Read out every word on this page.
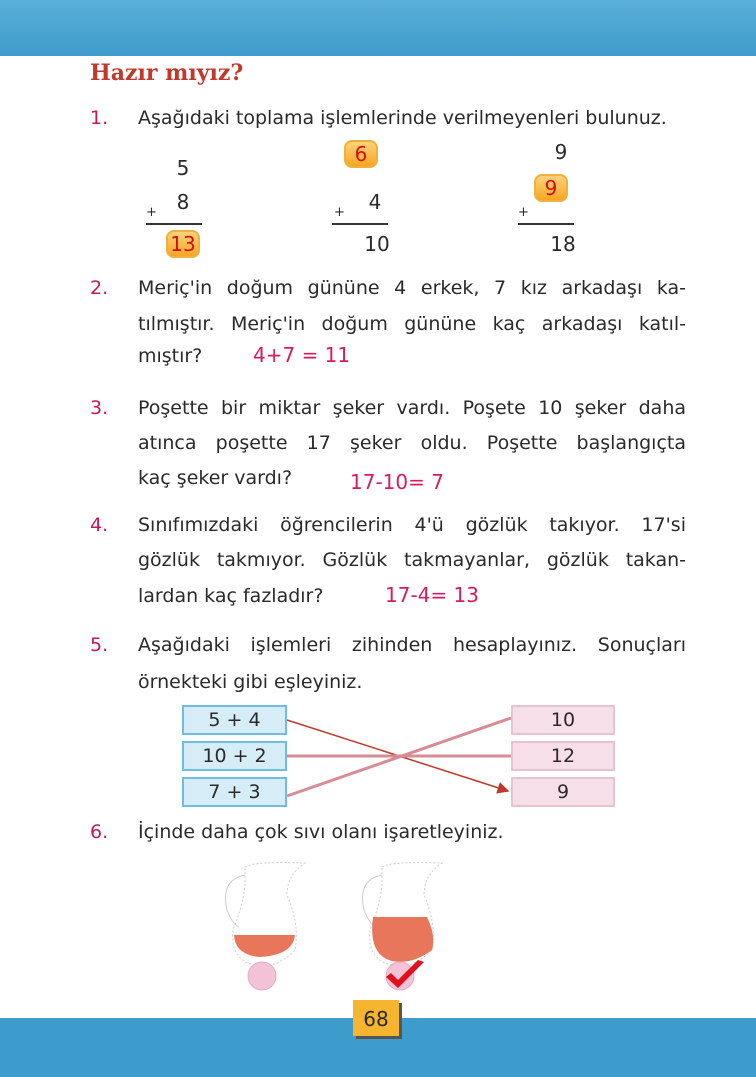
Hazır mıyız?
1. Aşağıdaki toplama işlemlerinde verilmeyenleri bulunuz.
5
8
+
13
6
4
+
10
9
9
+
18
2. Meriç'in doğum gününe 4 erkek, 7 kız arkadaşı ka-
tılmıştır. Meriç'in doğum gününe kaç arkadaşı katıl-
mıştır?	4+7 = 11
3. Poşette bir miktar şeker vardı. Poşete 10 şeker daha
atınca poşette 17 şeker oldu. Poşette başlangıçta
kaç şeker vardı?	17-10= 7
4. Sınıfımızdaki öğrencilerin 4'ü gözlük takıyor. 17'si
gözlük takmıyor. Gözlük takmayanlar, gözlük takan-
lardan kaç fazladır?	17-4= 13
5. Aşağıdaki işlemleri zihinden hesaplayınız. Sonuçları
örnekteki gibi eşleyiniz.
5 + 4
10 + 2
7 + 3
10
12
9
6. İçinde daha çok sıvı olanı işaretleyiniz.
68
